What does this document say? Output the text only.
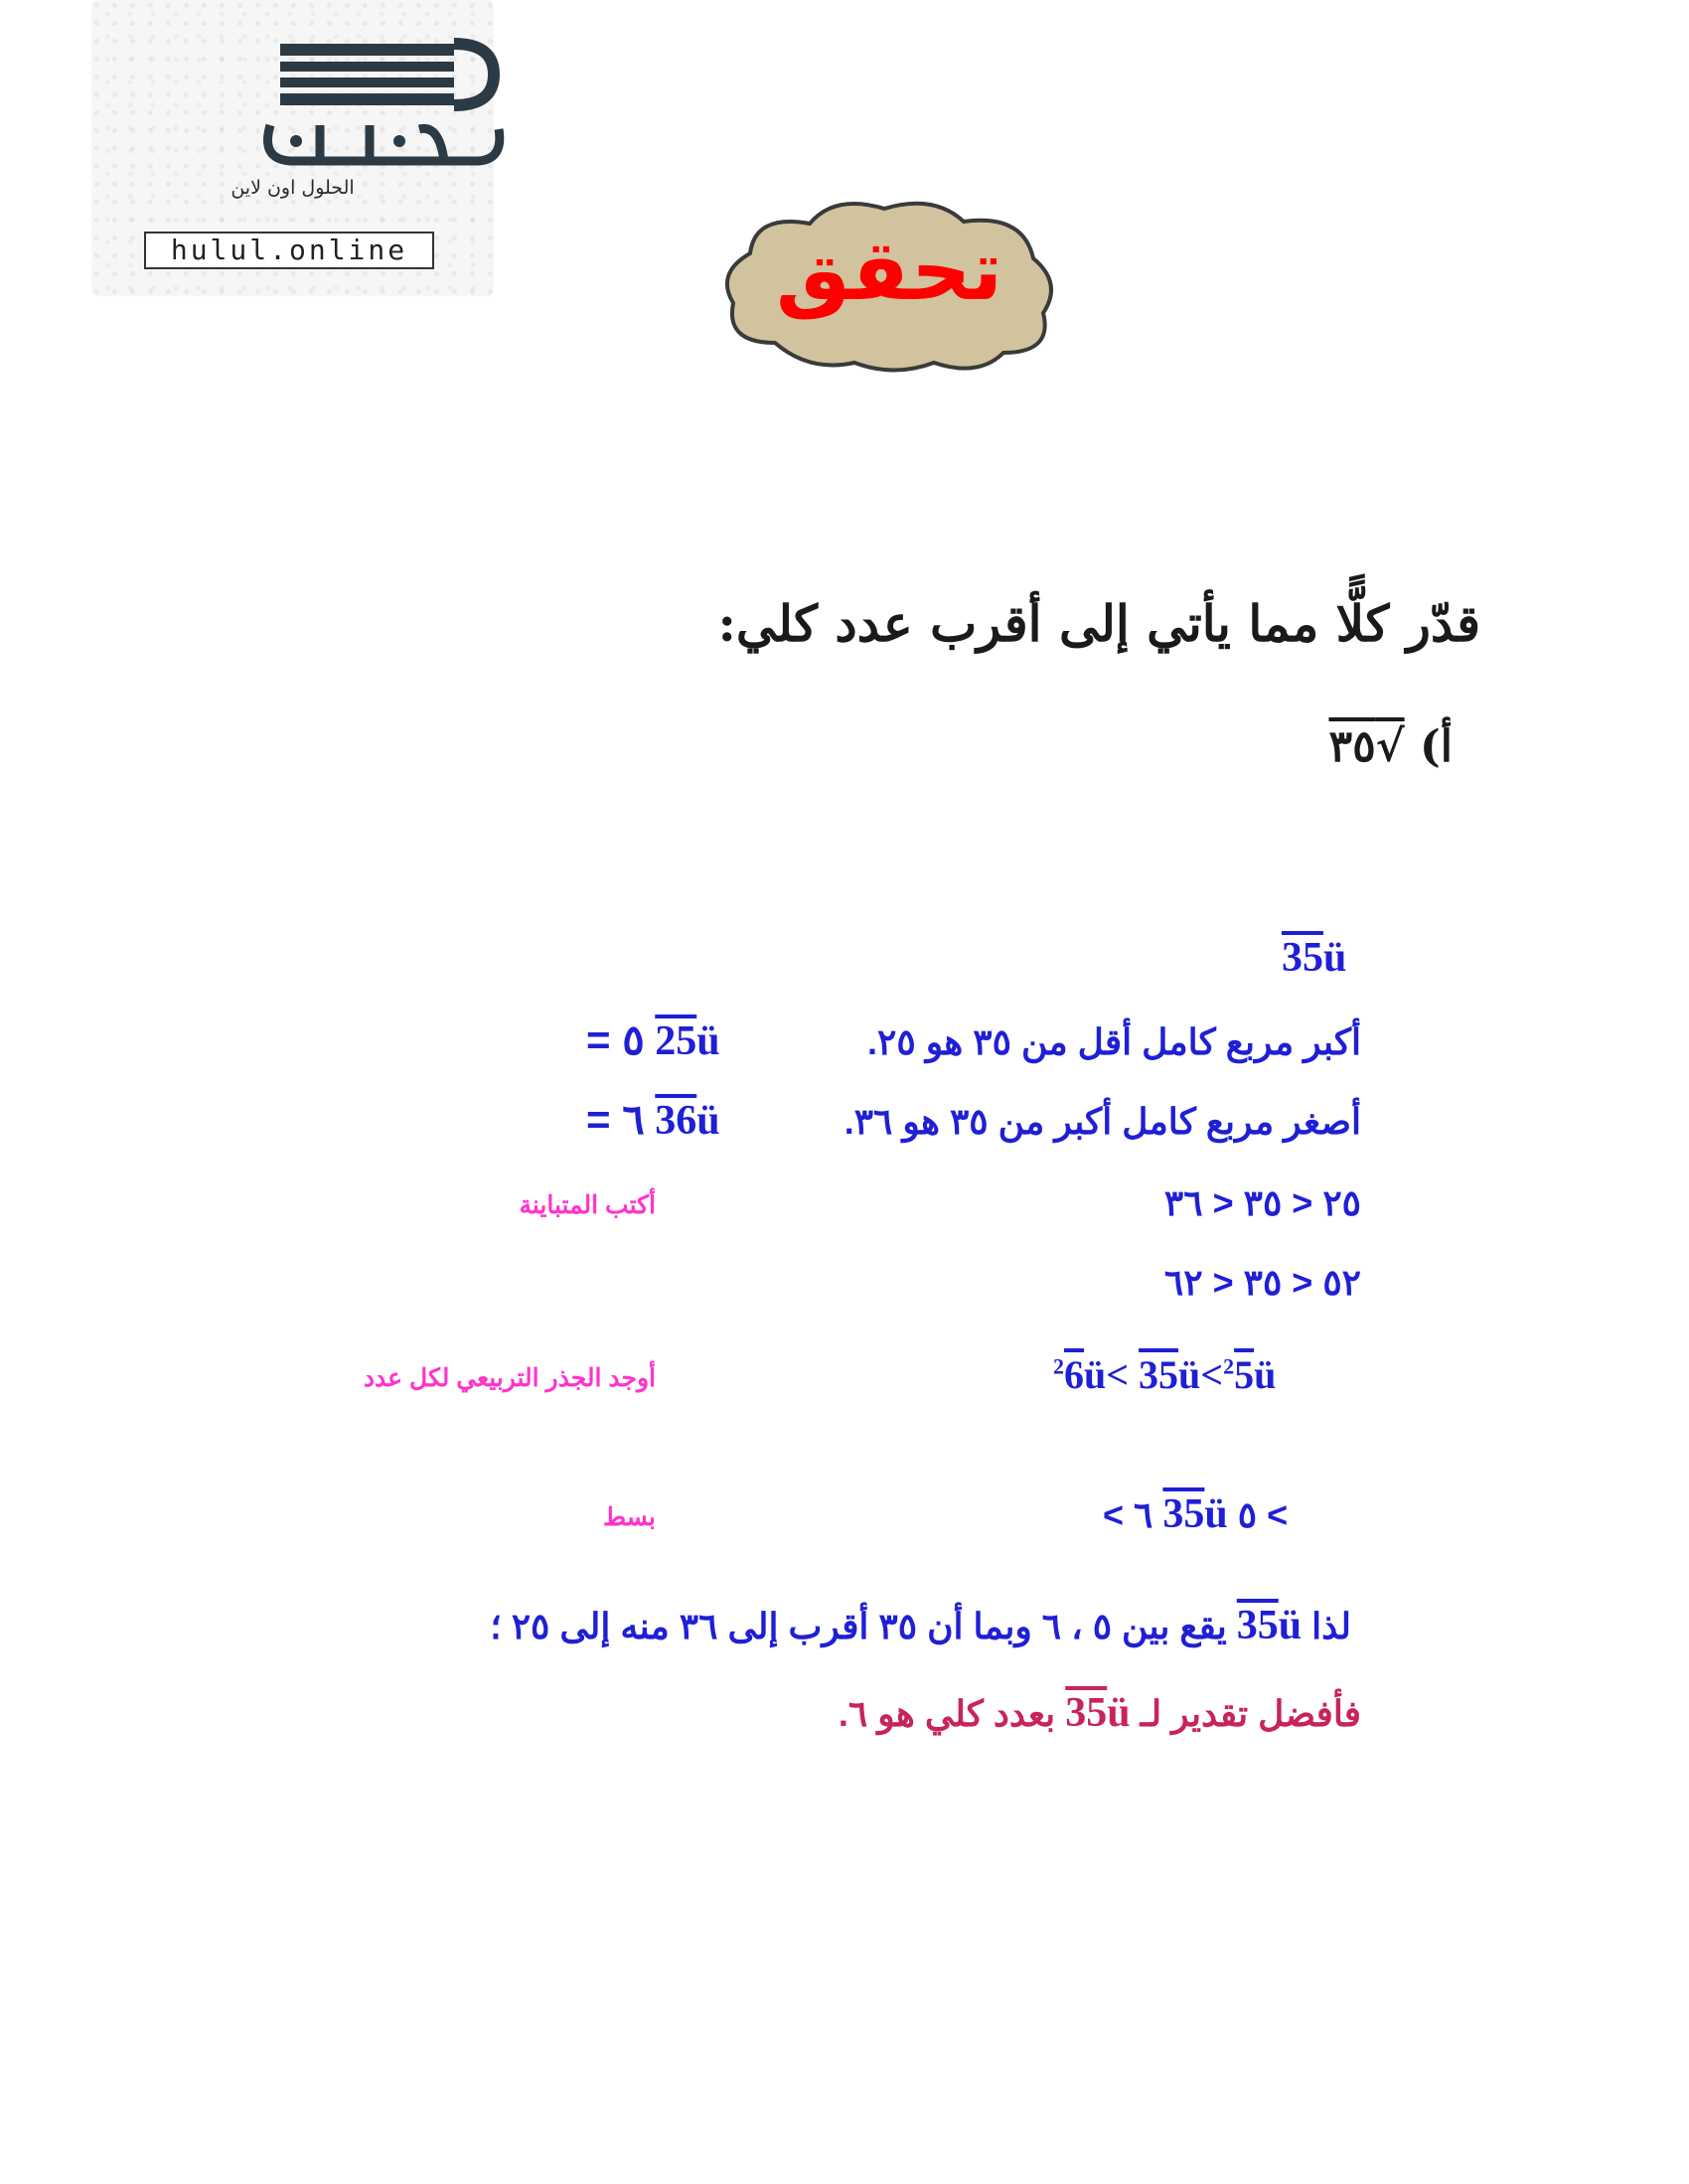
الحلول اون لاين
hulul.online	تحقق
قدّر كلًّا مما يأتي إلى أقرب عدد كلي:
أ) √٣٥
35ü
أكبر مربع كامل أقل من ٣٥ هو ٢٥.
= ٥ 25ü
أصغر مربع كامل أكبر من ٣٥ هو ٣٦.
= ٦ 36ü
٢٥ < ٣٥ < ٣٦
أكتب المتباينة
٥٢ < ٣٥ < ٦٢
$^2$6ü< 35ü<$^2$5ü
أوجد الجذر التربيعي لكل عدد
< ٦ 35ü ٥ <
بسط
لذا 35ü يقع بين ٥ ، ٦ وبما أن ٣٥ أقرب إلى ٣٦ منه إلى ٢٥ ؛
فأفضل تقدير لـ 35ü بعدد كلي هو ٦.
